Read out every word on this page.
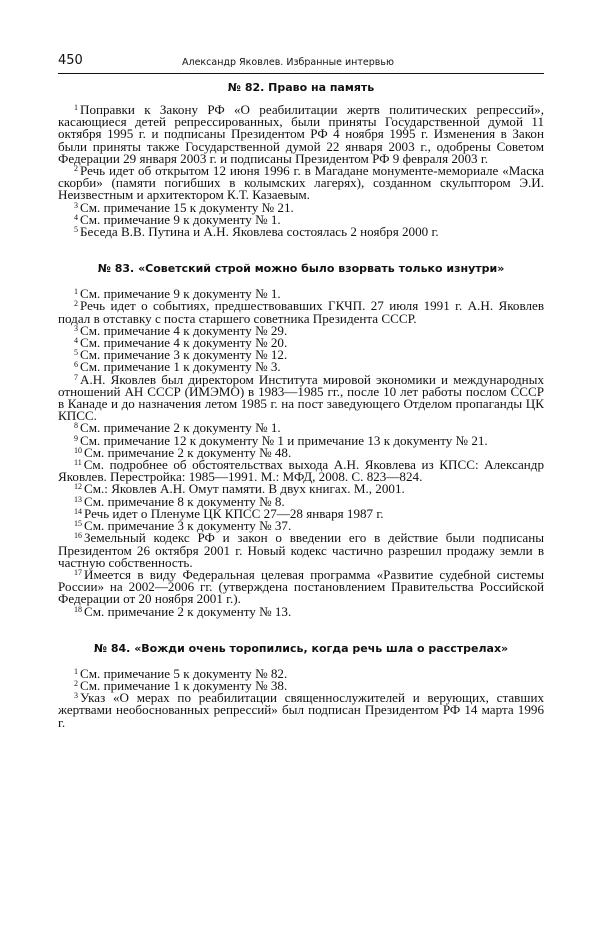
450	Александр Яковлев. Избранные интервью
№ 82. Право на память

$^1$ Поправки к Закону РФ «О реабилитации жертв политических репрессий», касающиеся детей репрессированных, были приняты Государственной думой 11 октября 1995 г. и подписаны Президентом РФ 4 ноября 1995 г. Изменения в Закон были приняты также Государственной думой 22 января 2003 г., одобрены Советом Федерации 29 января 2003 г. и подписаны Президентом РФ 9 февраля 2003 г.

$^2$ Речь идет об открытом 12 июня 1996 г. в Магадане монументе-мемориале «Маска скорби» (памяти погибших в колымских лагерях), созданном скульптором Э.И. Неизвестным и архитектором К.Т. Казаевым.

$^3$ См. примечание 15 к документу № 21.

$^4$ См. примечание 9 к документу № 1.

$^5$ Беседа В.В. Путина и А.Н. Яковлева состоялась 2 ноября 2000 г.

№ 83. «Советский строй можно было взорвать только изнутри»

$^1$ См. примечание 9 к документу № 1.

$^2$ Речь идет о событиях, предшествовавших ГКЧП. 27 июля 1991 г. А.Н. Яковлев подал в отставку с поста старшего советника Президента СССР.

$^3$ См. примечание 4 к документу № 29.

$^4$ См. примечание 4 к документу № 20.

$^5$ См. примечание 3 к документу № 12.

$^6$ См. примечание 1 к документу № 3.

$^7$ А.Н. Яковлев был директором Института мировой экономики и международных отношений АН СССР (ИМЭМО) в 1983—1985 гг., после 10 лет работы послом СССР в Канаде и до назначения летом 1985 г. на пост заведующего Отделом пропаганды ЦК КПСС.

$^8$ См. примечание 2 к документу № 1.

$^9$ См. примечание 12 к документу № 1 и примечание 13 к документу № 21.

$^{10}$ См. примечание 2 к документу № 48.

$^{11}$ См. подробнее об обстоятельствах выхода А.Н. Яковлева из КПСС: Александр Яковлев. Перестройка: 1985—1991. М.: МФД, 2008. С. 823—824.

$^{12}$ См.: Яковлев А.Н. Омут памяти. В двух книгах. М., 2001.

$^{13}$ См. примечание 8 к документу № 8.

$^{14}$ Речь идет о Пленуме ЦК КПСС 27—28 января 1987 г.

$^{15}$ См. примечание 3 к документу № 37.

$^{16}$ Земельный кодекс РФ и закон о введении его в действие были подписаны Президентом 26 октября 2001 г. Новый кодекс частично разрешил продажу земли в частную собственность.

$^{17}$ Имеется в виду Федеральная целевая программа «Развитие судебной системы России» на 2002—2006 гг. (утверждена постановлением Правительства Российской Федерации от 20 ноября 2001 г.).

$^{18}$ См. примечание 2 к документу № 13.

№ 84. «Вожди очень торопились, когда речь шла о расстрелах»

$^1$ См. примечание 5 к документу № 82.

$^2$ См. примечание 1 к документу № 38.

$^3$ Указ «О мерах по реабилитации священнослужителей и верующих, ставших жертвами необоснованных репрессий» был подписан Президентом РФ 14 марта 1996 г.
